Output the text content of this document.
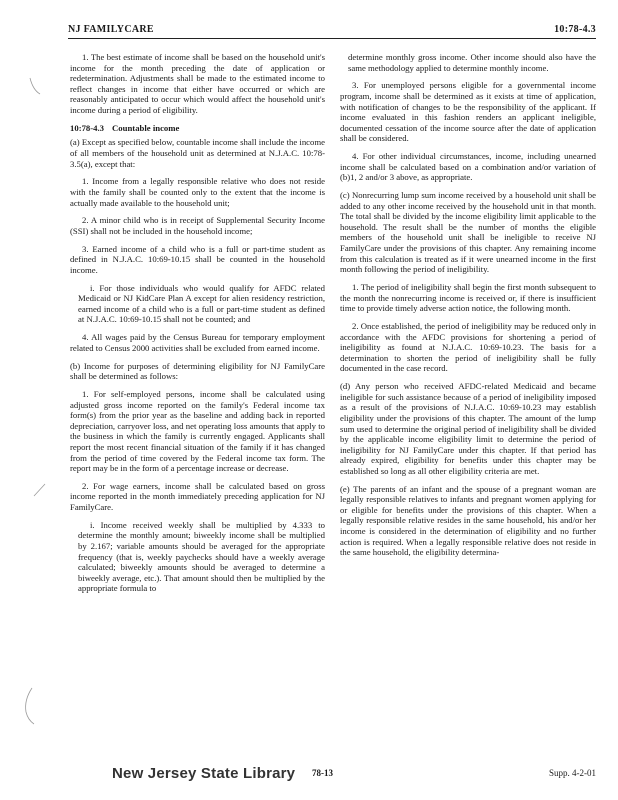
NJ FAMILYCARE	10:78-4.3

1. The best estimate of income shall be based on the household unit's income for the month preceding the date of application or redetermination. Adjustments shall be made to the estimated income to reflect changes in income that either have occurred or which are reasonably anticipated to occur which would affect the household unit's income during a period of eligibility.

10:78-4.3 Countable income

(a) Except as specified below, countable income shall include the income of all members of the household unit as determined at N.J.A.C. 10:78-3.5(a), except that:

1. Income from a legally responsible relative who does not reside with the family shall be counted only to the extent that the income is actually made available to the household unit;

2. A minor child who is in receipt of Supplemental Security Income (SSI) shall not be included in the household income;

3. Earned income of a child who is a full or part-time student as defined in N.J.A.C. 10:69-10.15 shall be counted in the household income.

i. For those individuals who would qualify for AFDC related Medicaid or NJ KidCare Plan A except for alien residency restriction, earned income of a child who is a full or part-time student as defined at N.J.A.C. 10:69-10.15 shall not be counted; and

4. All wages paid by the Census Bureau for temporary employment related to Census 2000 activities shall be excluded from earned income.

(b) Income for purposes of determining eligibility for NJ FamilyCare shall be determined as follows:

1. For self-employed persons, income shall be calculated using adjusted gross income reported on the family's Federal income tax form(s) from the prior year as the baseline and adding back in reported depreciation, carryover loss, and net operating loss amounts that apply to the business in which the family is currently engaged. Applicants shall report the most recent financial situation of the family if it has changed from the period of time covered by the Federal income tax form. The report may be in the form of a percentage increase or decrease.

2. For wage earners, income shall be calculated based on gross income reported in the month immediately preceding application for NJ FamilyCare.

i. Income received weekly shall be multiplied by 4.333 to determine the monthly amount; biweekly income shall be multiplied by 2.167; variable amounts should be averaged for the appropriate frequency (that is, weekly paychecks should have a weekly average calculated; biweekly amounts should be averaged to determine a biweekly average, etc.). That amount should then be multiplied by the appropriate formula to

determine monthly gross income. Other income should also have the same methodology applied to determine monthly income.

3. For unemployed persons eligible for a governmental income program, income shall be determined as it exists at time of application, with notification of changes to be the responsibility of the applicant. If income evaluated in this fashion renders an applicant ineligible, documented cessation of the income source after the date of application shall be considered.

4. For other individual circumstances, income, including unearned income shall be calculated based on a combination and/or variation of (b)1, 2 and/or 3 above, as appropriate.

(c) Nonrecurring lump sum income received by a household unit shall be added to any other income received by the household unit in that month. The total shall be divided by the income eligibility limit applicable to the household. The result shall be the number of months the eligible members of the household unit shall be ineligible to receive NJ FamilyCare under the provisions of this chapter. Any remaining income from this calculation is treated as if it were unearned income in the first month following the period of ineligibility.

1. The period of ineligibility shall begin the first month subsequent to the month the nonrecurring income is received or, if there is insufficient time to provide timely adverse action notice, the following month.

2. Once established, the period of ineligibility may be reduced only in accordance with the AFDC provisions for shortening a period of ineligibility as found at N.J.A.C. 10:69-10.23. The basis for a determination to shorten the period of ineligibility shall be fully documented in the case record.

(d) Any person who received AFDC-related Medicaid and became ineligible for such assistance because of a period of ineligibility imposed as a result of the provisions of N.J.A.C. 10:69-10.23 may establish eligibility under the provisions of this chapter. The amount of the lump sum used to determine the original period of ineligibility shall be divided by the applicable income eligibility limit to determine the period of ineligibility for NJ FamilyCare under this chapter. If that period has already expired, eligibility for benefits under this chapter may be established so long as all other eligibility criteria are met.

(e) The parents of an infant and the spouse of a pregnant woman are legally responsible relatives to infants and pregnant women applying for or eligible for benefits under the provisions of this chapter. When a legally responsible relative resides in the same household, his and/or her income is considered in the determination of eligibility and no further action is required. When a legally responsible relative does not reside in the same household, the eligibility determina-

New Jersey State Library 78-13	Supp. 4-2-01
